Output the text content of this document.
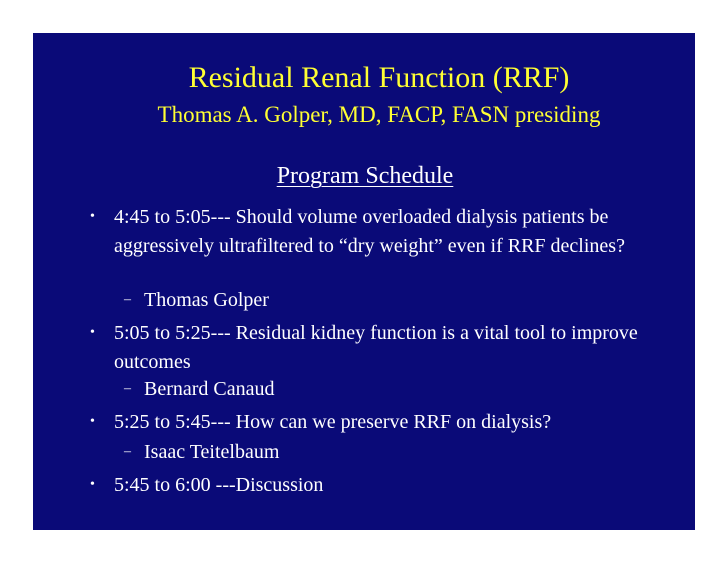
Residual Renal Function (RRF)
Thomas A. Golper, MD, FACP, FASN presiding
Program Schedule
• 4:45 to 5:05--- Should volume overloaded dialysis patients be aggressively ultrafiltered to “dry weight” even if RRF declines?
– Thomas Golper
• 5:05 to 5:25--- Residual kidney function is a vital tool to improve outcomes
– Bernard Canaud
• 5:25 to 5:45--- How can we preserve RRF on dialysis?
– Isaac Teitelbaum
• 5:45 to 6:00 ---Discussion
